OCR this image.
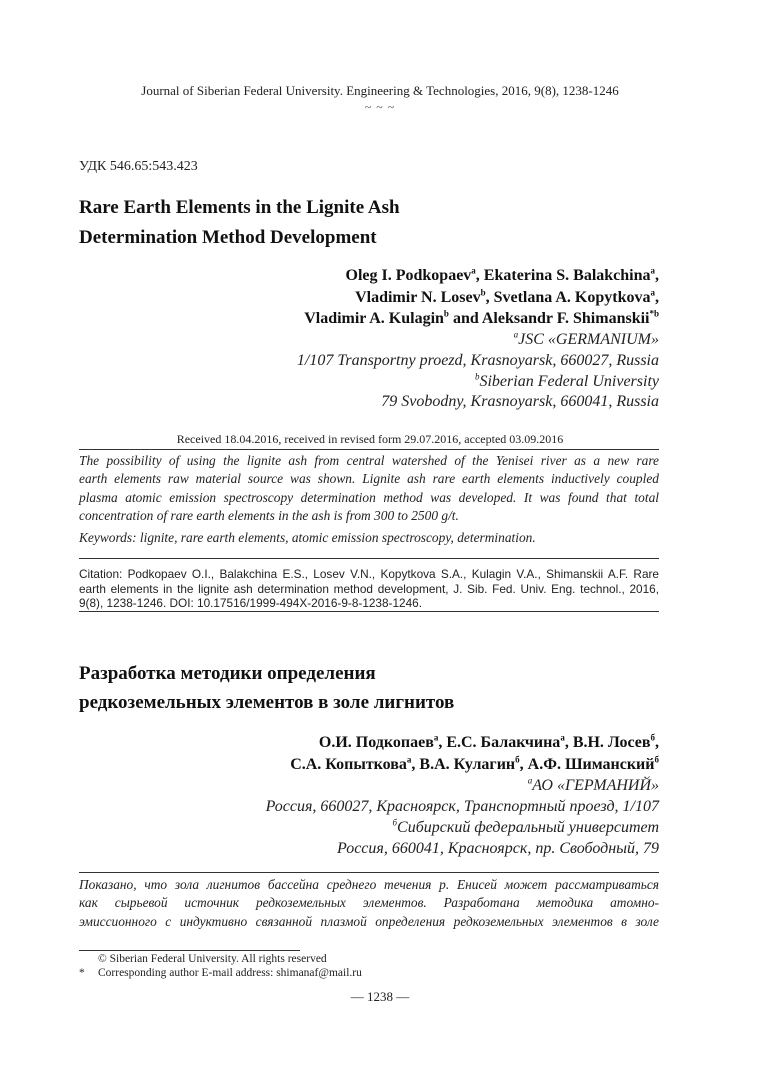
Journal of Siberian Federal University. Engineering & Technologies, 2016, 9(8), 1238-1246
~ ~ ~
УДК 546.65:543.423
Rare Earth Elements in the Lignite Ash
Determination Method Development
Oleg I. Podkopaev$^a$, Ekaterina S. Balakchina$^a$,
Vladimir N. Losev$^b$, Svetlana A. Kopytkova$^a$,
Vladimir A. Kulagin$^b$ and Aleksandr F. Shimanskii$^{*b}$
$^a$JSC «GERMANIUM»
1/107 Transportny proezd, Krasnoyarsk, 660027, Russia
$^b$Siberian Federal University
79 Svobodny, Krasnoyarsk, 660041, Russia
Received 18.04.2016, received in revised form 29.07.2016, accepted 03.09.2016
The possibility of using the lignite ash from central watershed of the Yenisei river as a new rare
earth elements raw material source was shown. Lignite ash rare earth elements inductively coupled
plasma atomic emission spectroscopy determination method was developed. It was found that total
concentration of rare earth elements in the ash is from 300 to 2500 g/t.
Keywords: lignite, rare earth elements, atomic emission spectroscopy, determination.
Citation: Podkopaev O.I., Balakchina E.S., Losev V.N., Kopytkova S.A., Kulagin V.A., Shimanskii A.F. Rare earth elements in the lignite ash determination method development, J. Sib. Fed. Univ. Eng. technol., 2016, 9(8), 1238-1246. DOI: 10.17516/1999-494X-2016-9-8-1238-1246.
Разработка методики определения
редкоземельных элементов в золе лигнитов
О.И. Подкопаев$^а$, Е.С. Балакчина$^а$, В.Н. Лосев$^б$,
С.А. Копыткова$^а$, В.А. Кулагин$^б$, А.Ф. Шиманский$^б$
$^а$АО «ГЕРМАНИЙ»
Россия, 660027, Красноярск, Транспортный проезд, 1/107
$^б$Сибирский федеральный университет
Россия, 660041, Красноярск, пр. Свободный, 79
Показано, что зола лигнитов бассейна среднего течения р. Енисей может рассматриваться
как сырьевой источник редкоземельных элементов. Разработана методика атомно-
эмиссионного с индуктивно связанной плазмой определения редкоземельных элементов в золе
© Siberian Federal University. All rights reserved
* Corresponding author E-mail address: shimanaf@mail.ru
— 1238 —
